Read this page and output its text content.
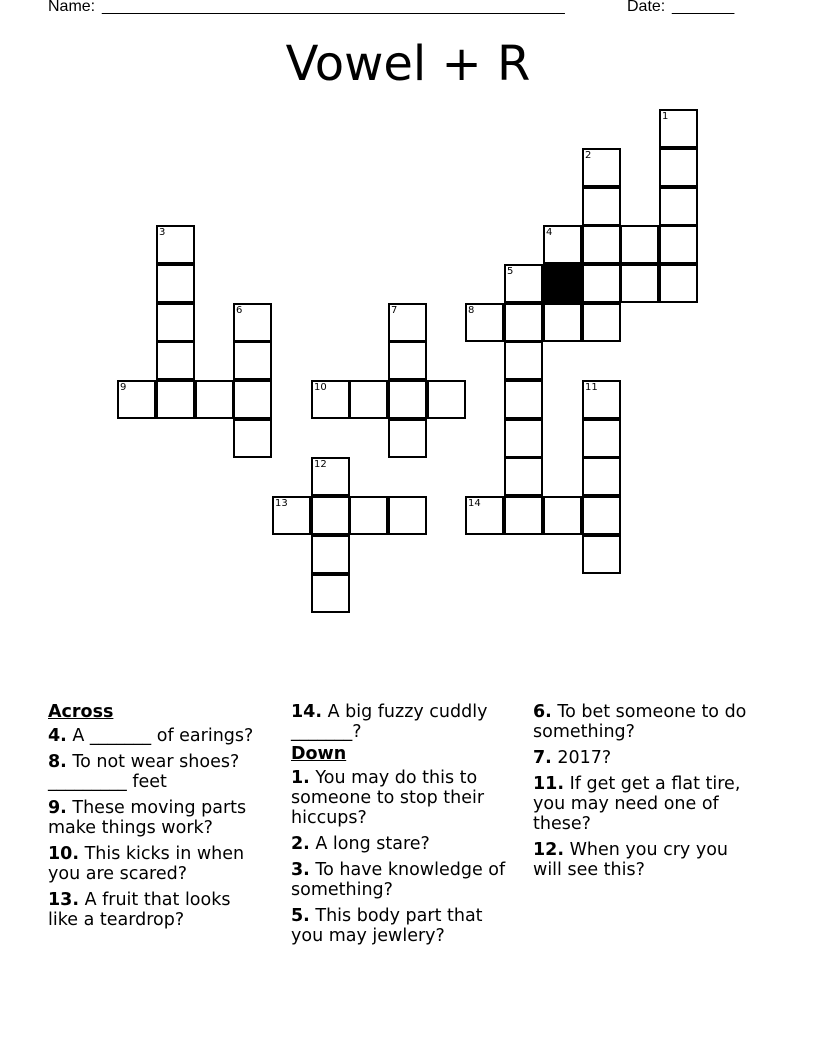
Name: ____________________________________________________	Date: _______
Vowel + R
1
2
3	4
5
6	7	8
9	10	11
12
13	14
Across
4. A _______ of earings?
8. To not wear shoes? _________ feet
9. These moving parts make things work?
10. This kicks in when you are scared?
13. A fruit that looks like a teardrop?
14. A big fuzzy cuddly _______?
Down
1. You may do this to someone to stop their hiccups?
2. A long stare?
3. To have knowledge of something?
5. This body part that you may jewlery?
6. To bet someone to do something?
7. 2017?
11. If get get a flat tire, you may need one of these?
12. When you cry you will see this?
